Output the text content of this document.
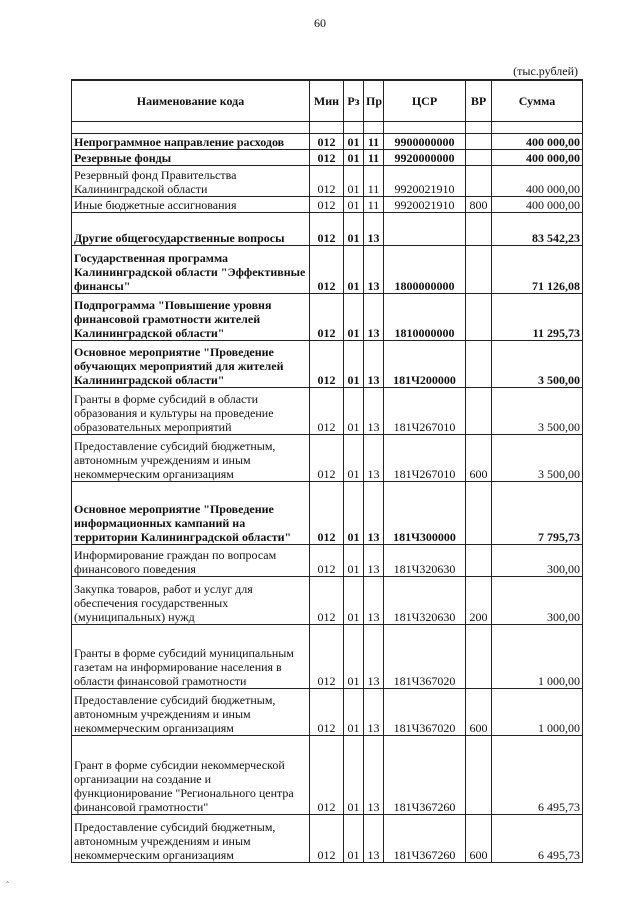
60
(тыс.рублей)
Наименование кода	Мин	Рз	Пр	ЦСР	ВР	Сумма

Непрограммное направление расходов	012	01	11	9900000000		400 000,00
Резервные фонды	012	01	11	9920000000		400 000,00
Резервный фонд Правительства Калининградской области	012	01	11	9920021910		400 000,00
Иные бюджетные ассигнования	012	01	11	9920021910	800	400 000,00
Другие общегосударственные вопросы	012	01	13			83 542,23
Государственная программа Калининградской области "Эффективные финансы"	012	01	13	1800000000		71 126,08
Подпрограмма "Повышение уровня финансовой грамотности жителей Калининградской области"	012	01	13	1810000000		11 295,73
Основное мероприятие "Проведение обучающих мероприятий для жителей Калининградской области"	012	01	13	181Ч200000		3 500,00
Гранты в форме субсидий в области образования и культуры на проведение образовательных мероприятий	012	01	13	181Ч267010		3 500,00
Предоставление субсидий бюджетным, автономным учреждениям и иным некоммерческим организациям	012	01	13	181Ч267010	600	3 500,00
Основное мероприятие "Проведение информационных кампаний на территории Калининградской области"	012	01	13	181Ч300000		7 795,73
Информирование граждан по вопросам финансового поведения	012	01	13	181Ч320630		300,00
Закупка товаров, работ и услуг для обеспечения государственных (муниципальных) нужд	012	01	13	181Ч320630	200	300,00
Гранты в форме субсидий муниципальным газетам на информирование населения в области финансовой грамотности	012	01	13	181Ч367020		1 000,00
Предоставление субсидий бюджетным, автономным учреждениям и иным некоммерческим организациям	012	01	13	181Ч367020	600	1 000,00
Грант в форме субсидии некоммерческой организации на создание и функционирование "Регионального центра финансовой грамотности"	012	01	13	181Ч367260		6 495,73
Предоставление субсидий бюджетным, автономным учреждениям и иным некоммерческим организациям	012	01	13	181Ч367260	600	6 495,73
ˆ
